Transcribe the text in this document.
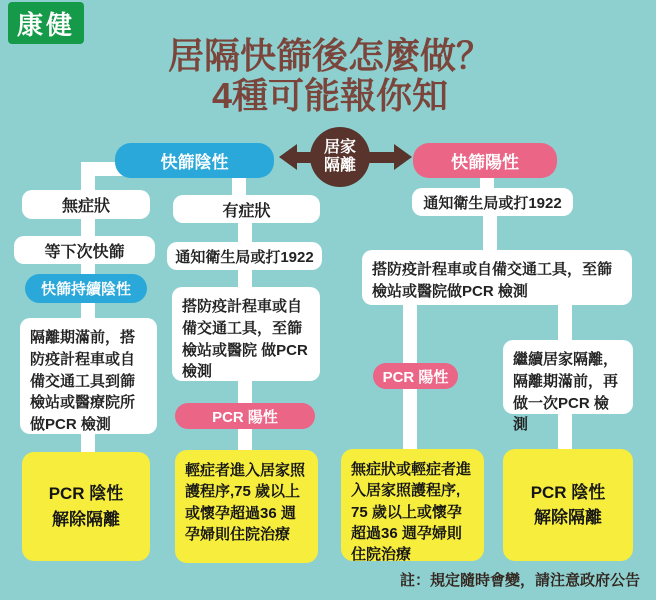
康健
居隔快篩後怎麼做？
4種可能報你知
居家
隔離
快篩陰性	快篩陽性
無症狀
等下次快篩
快篩持續陰性
隔離期滿前，搭防疫計程車或自備交通工具到篩檢站或醫療院所做PCR 檢測
PCR 陰性
解除隔離
有症狀
通知衛生局或打1922
搭防疫計程車或自備交通工具，至篩檢站或醫院 做PCR 檢測
PCR 陽性
輕症者進入居家照護程序,75 歲以上或懷孕超過36 週孕婦則住院治療
通知衛生局或打1922
搭防疫計程車或自備交通工具，至篩檢站或醫院做PCR 檢測
PCR 陽性
無症狀或輕症者進入居家照護程序, 75 歲以上或懷孕超過36 週孕婦則住院治療
繼續居家隔離，隔離期滿前，再做一次PCR 檢測
PCR 陰性
解除隔離
註：規定隨時會變，請注意政府公告
